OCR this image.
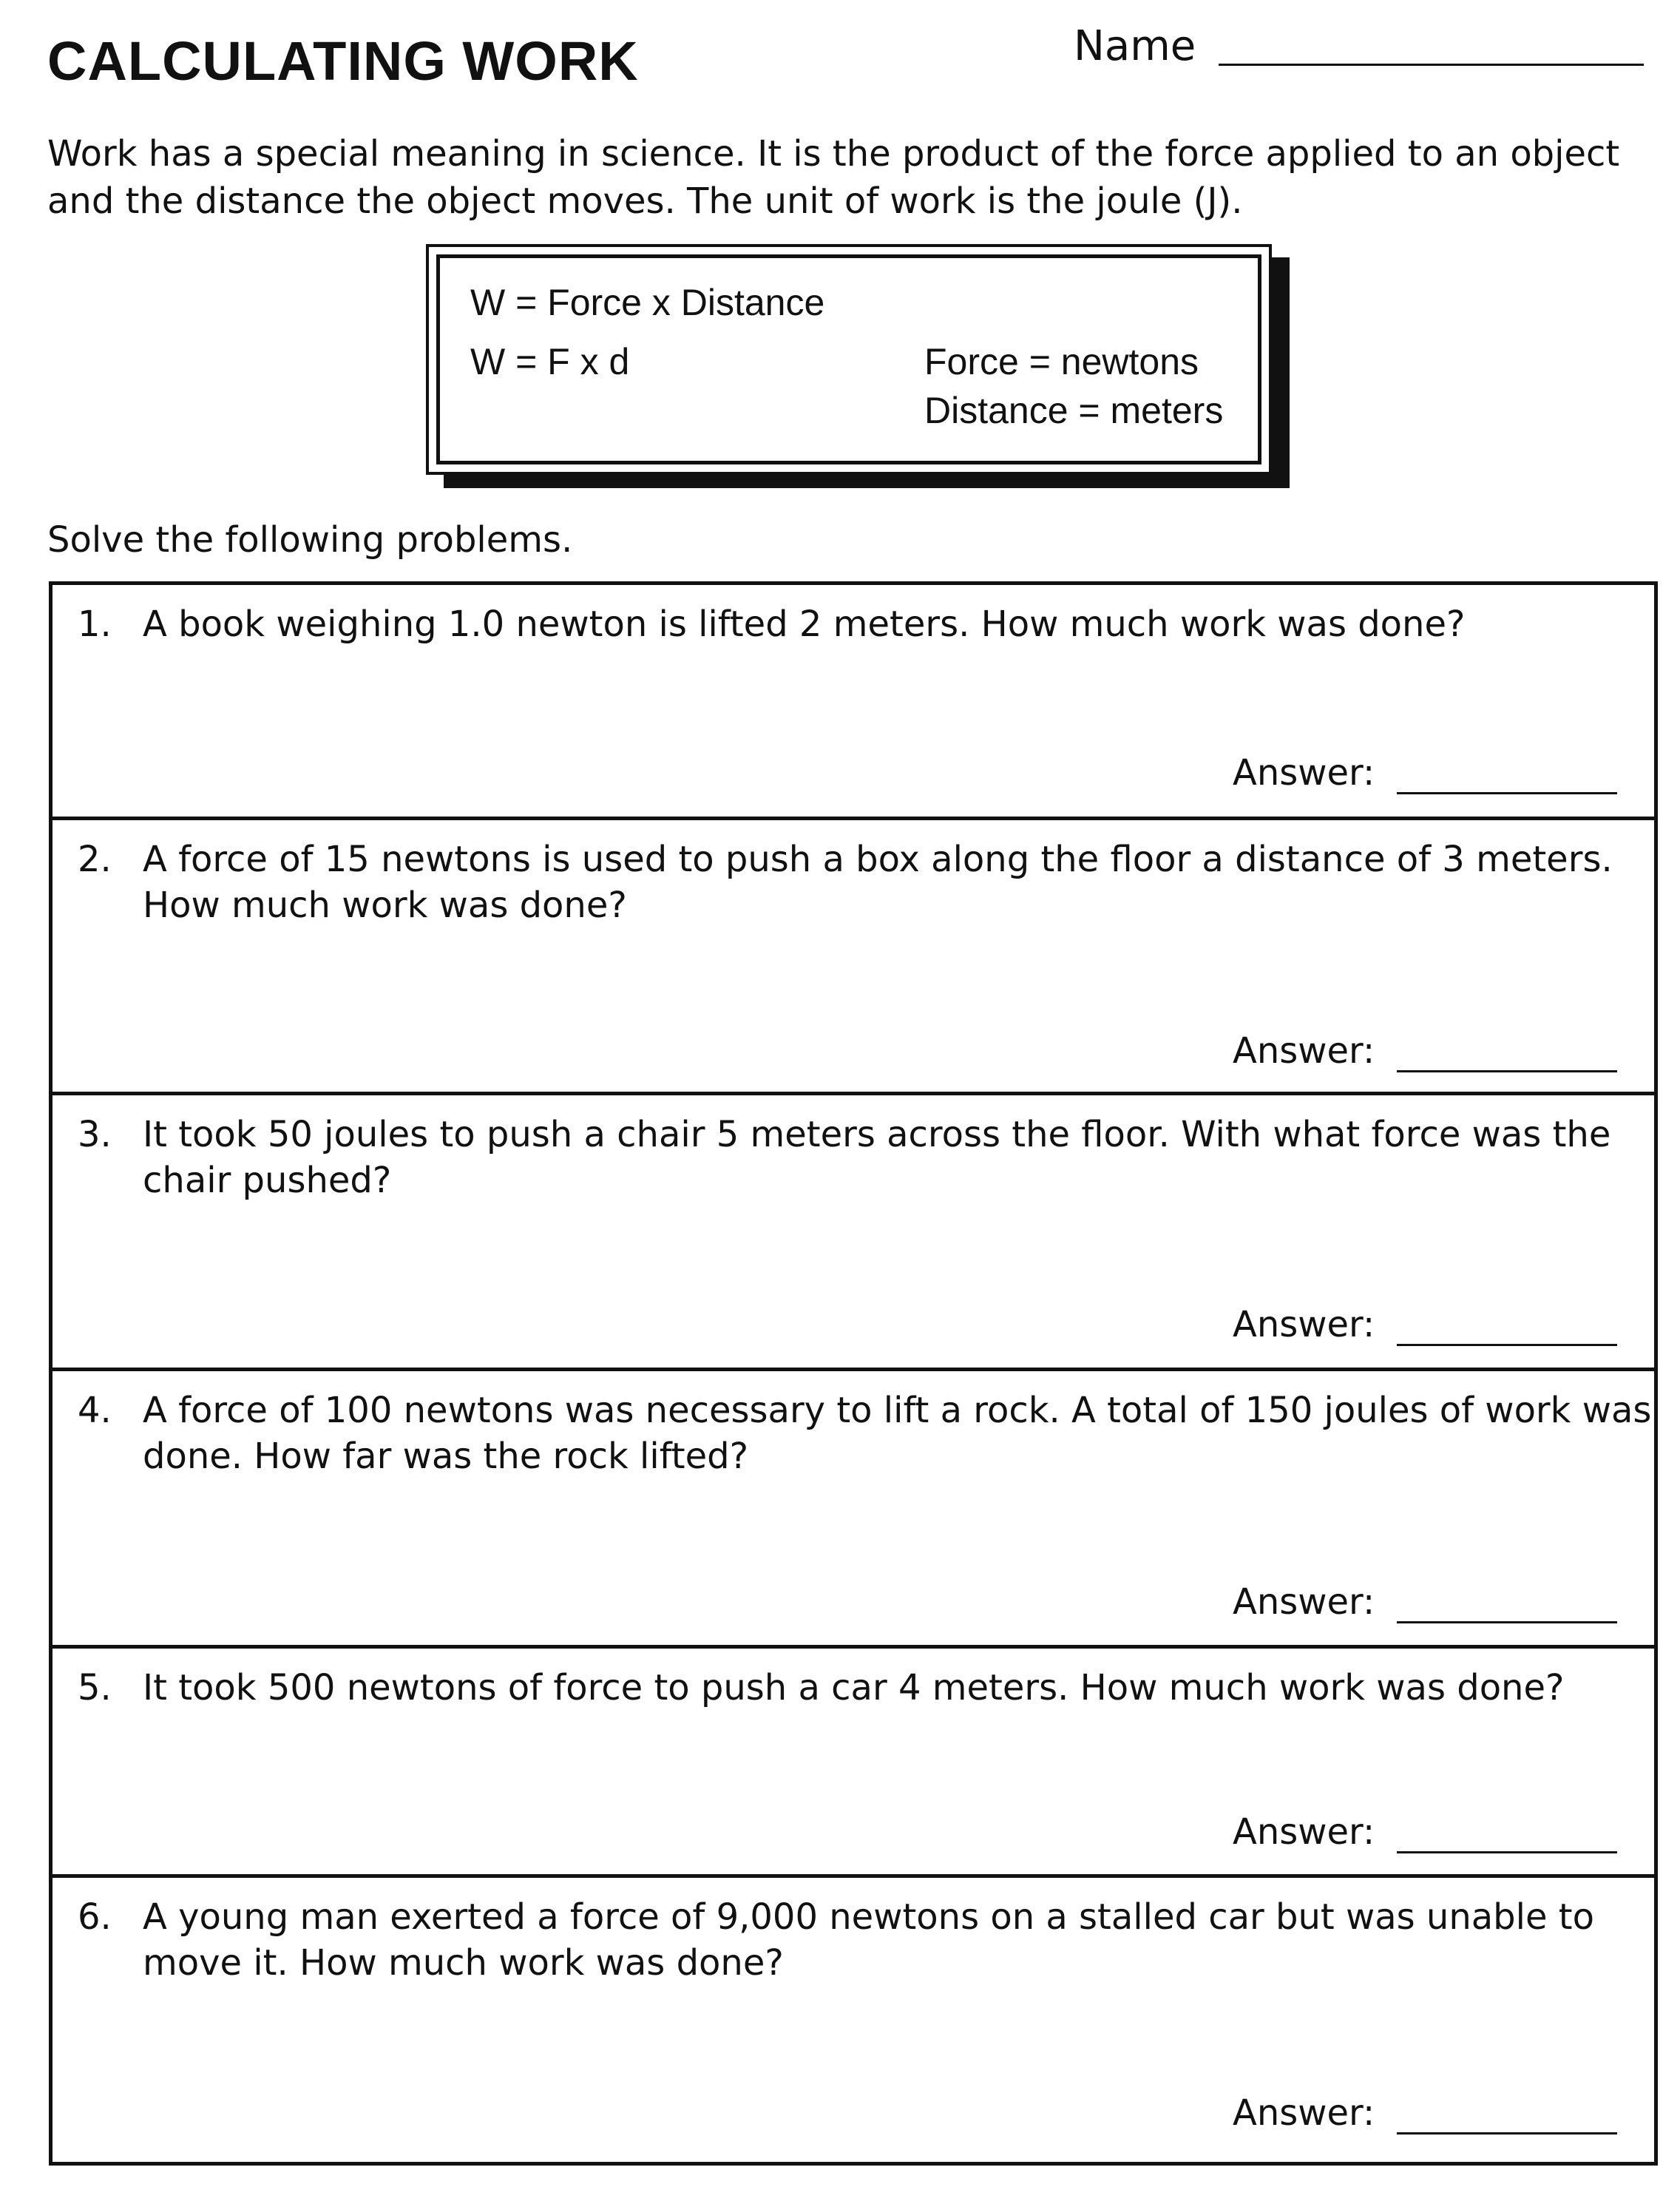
CALCULATING WORK	Name

Work has a special meaning in science. It is the product of the force applied to an object

and the distance the object moves. The unit of work is the joule (J).

W = Force x Distance
W = F x d	Force = newtons
Distance = meters
Solve the following problems.
1. A book weighing 1.0 newton is lifted 2 meters. How much work was done?
Answer:
2. A force of 15 newtons is used to push a box along the floor a distance of 3 meters.
How much work was done?
Answer:
3. It took 50 joules to push a chair 5 meters across the floor. With what force was the
chair pushed?
Answer:
4. A force of 100 newtons was necessary to lift a rock. A total of 150 joules of work was
done. How far was the rock lifted?
Answer:
5. It took 500 newtons of force to push a car 4 meters. How much work was done?
Answer:
6. A young man exerted a force of 9,000 newtons on a stalled car but was unable to
move it. How much work was done?
Answer:
